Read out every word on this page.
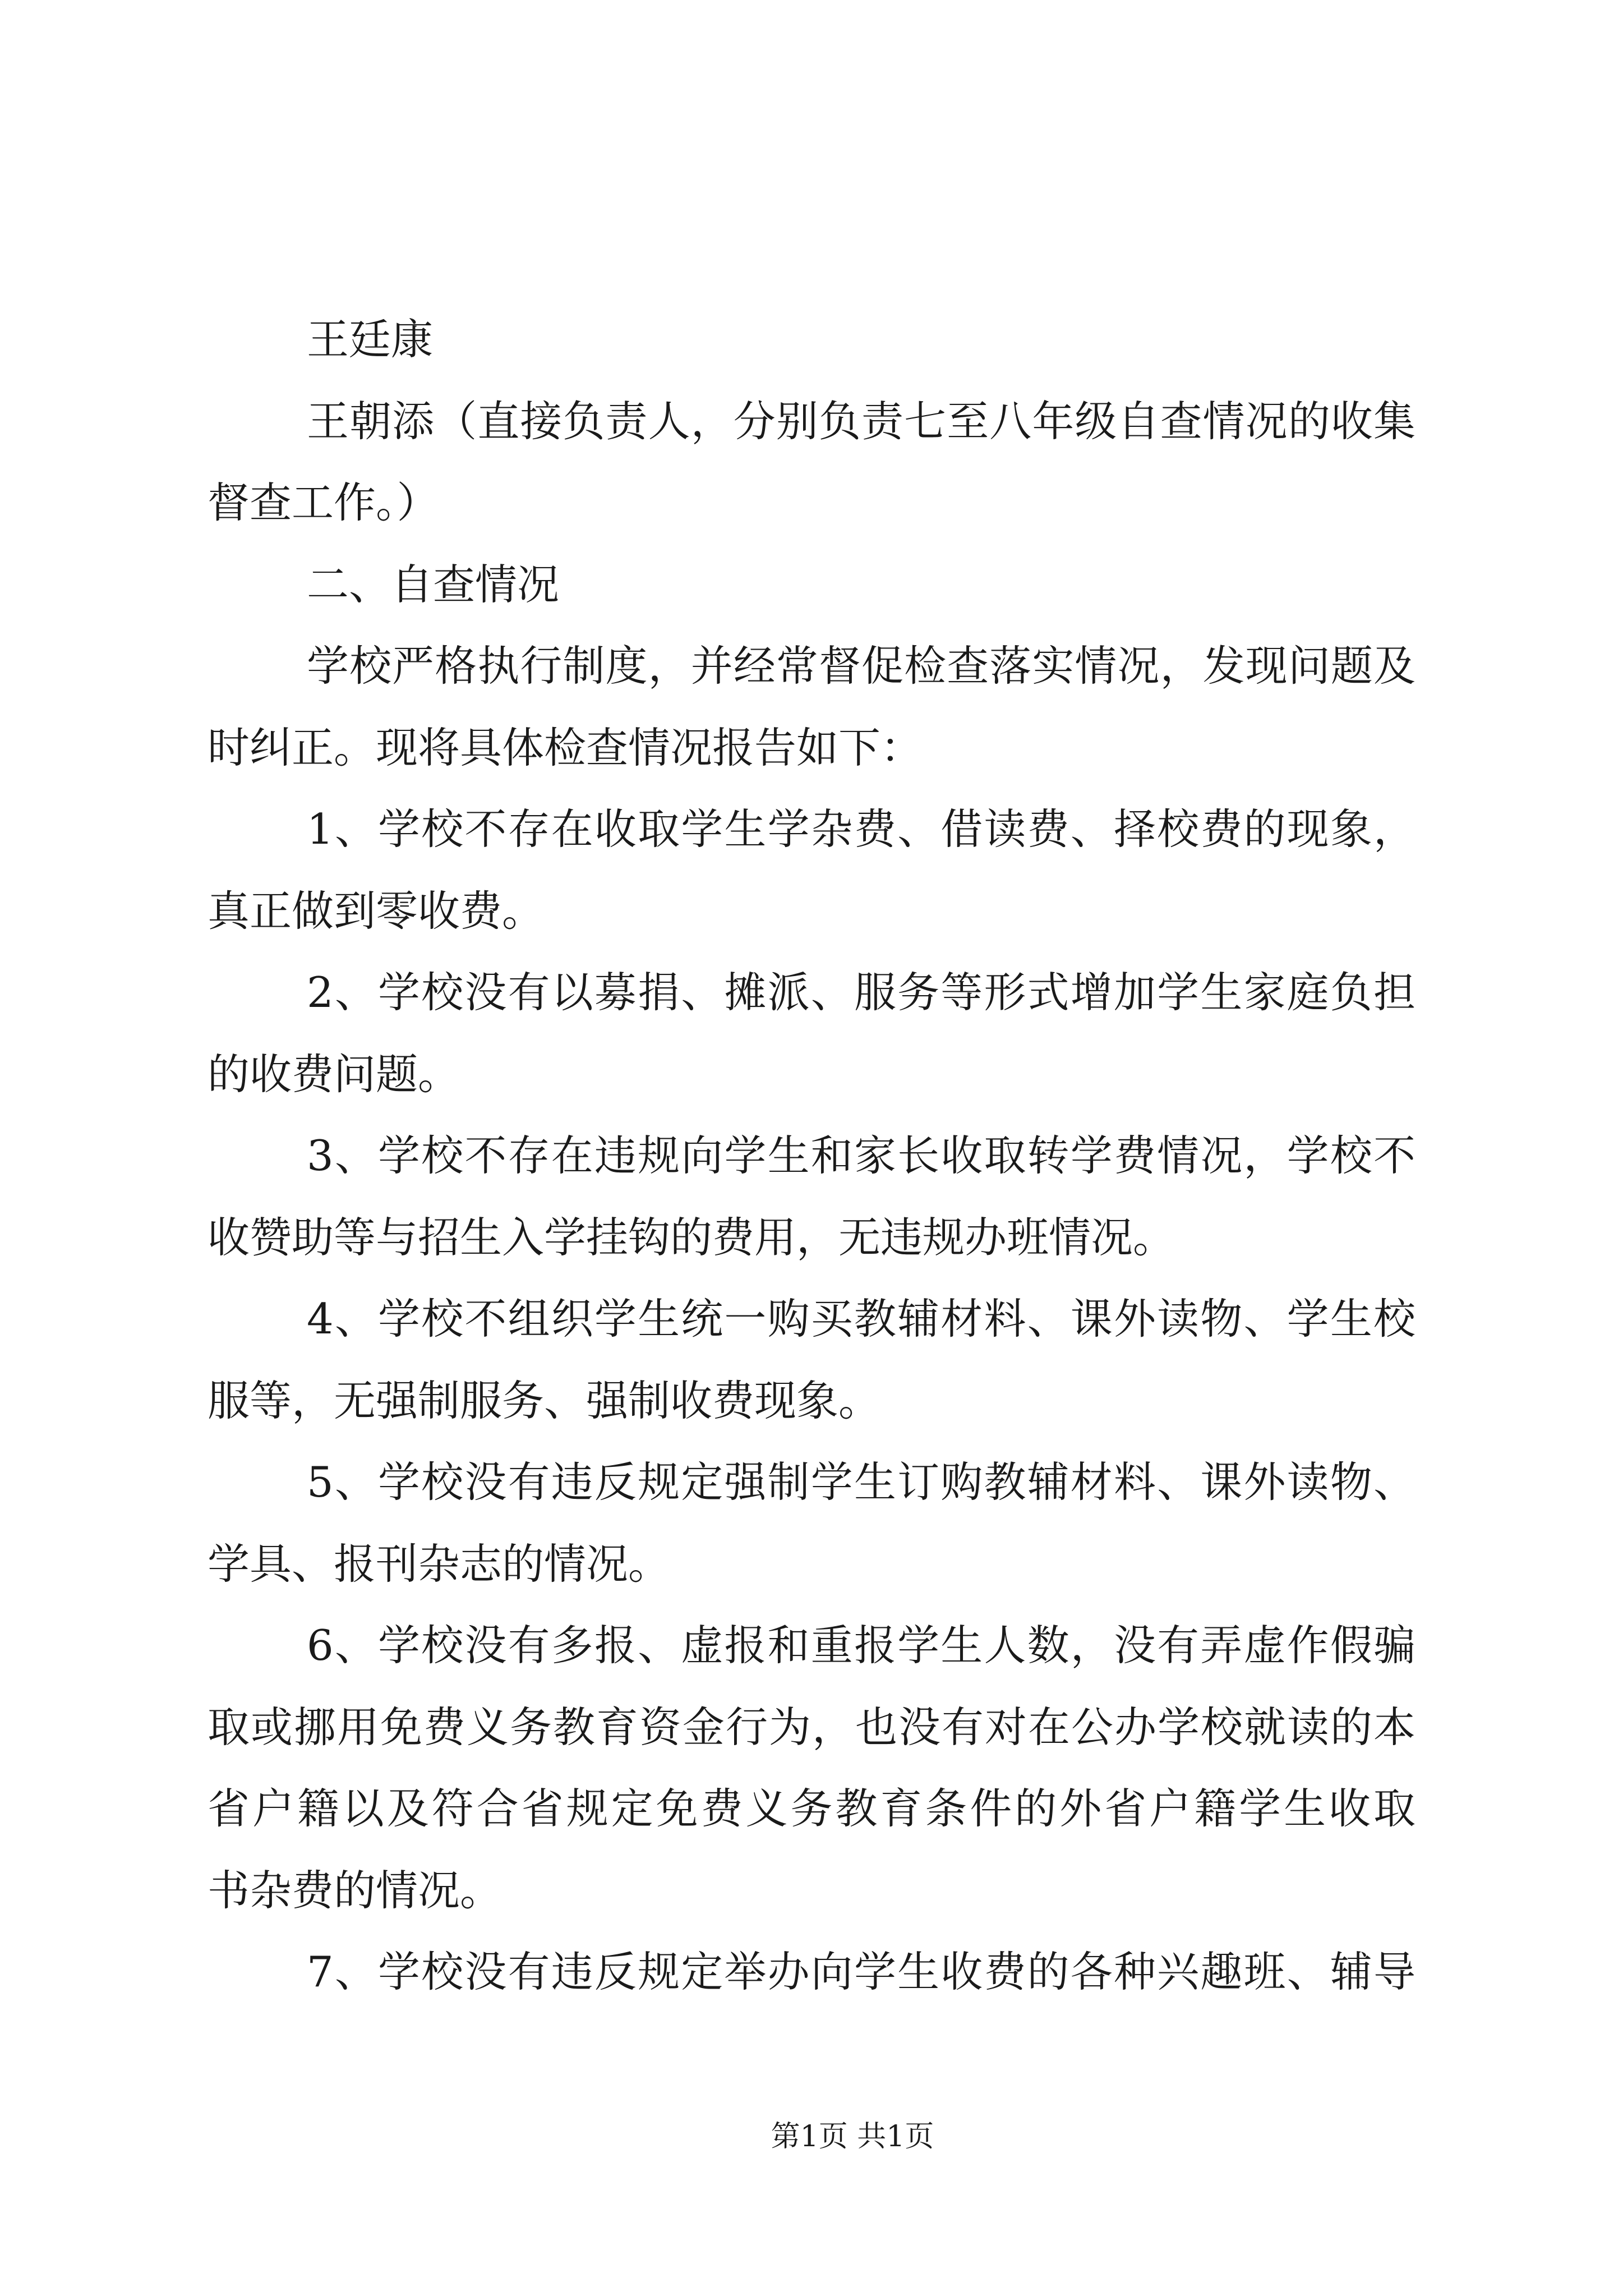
王廷康
王朝添（直接负责人，分别负责七至八年级自查情况的收集
督查工作。）
二、自查情况
学校严格执行制度，并经常督促检查落实情况，发现问题及
时纠正。现将具体检查情况报告如下：
1、学校不存在收取学生学杂费、借读费、择校费的现象，
真正做到零收费。
2、学校没有以募捐、摊派、服务等形式增加学生家庭负担
的收费问题。
3、学校不存在违规向学生和家长收取转学费情况，学校不
收赞助等与招生入学挂钩的费用，无违规办班情况。
4、学校不组织学生统一购买教辅材料、课外读物、学生校
服等，无强制服务、强制收费现象。
5、学校没有违反规定强制学生订购教辅材料、课外读物、
学具、报刊杂志的情况。
6、学校没有多报、虚报和重报学生人数，没有弄虚作假骗
取或挪用免费义务教育资金行为，也没有对在公办学校就读的本
省户籍以及符合省规定免费义务教育条件的外省户籍学生收取
书杂费的情况。
7、学校没有违反规定举办向学生收费的各种兴趣班、辅导
第1页 共1页
